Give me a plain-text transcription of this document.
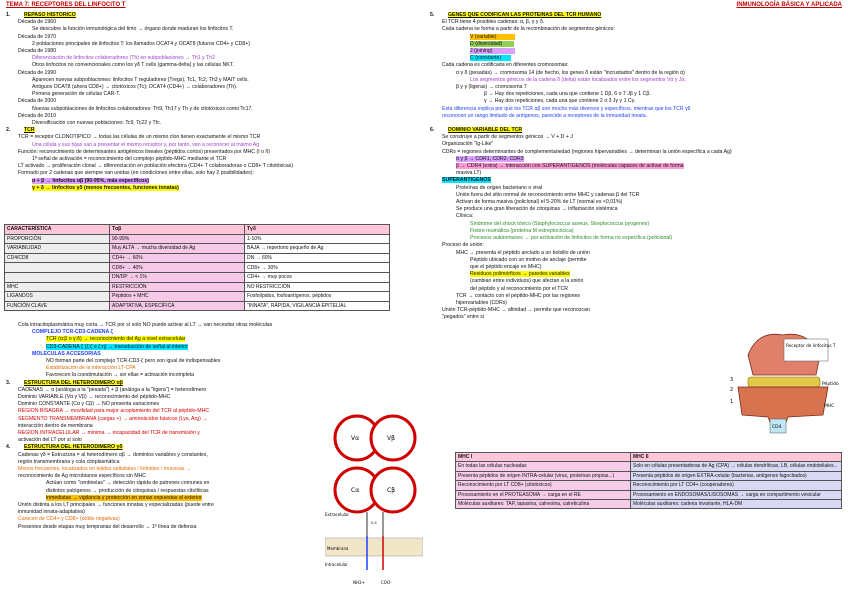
TEMA 7: RECEPTORES DEL LINFOCITO T	INMUNOLOGÍA BÁSICA Y APLICADA
1.	REPASO HISTÓRICO
Década de 1960
Se descubre la función inmunológica del timo → órgano donde maduran los linfocitos T.
Década de 1970
2 poblaciones principales de linfocitos T: los llamados OCAT4 y OCAT8 (futuros CD4+ y CD8+)
Década de 1980
Diferenciación de linfocitos colaboradores (Th) en subpoblaciones → Th1 y Th2
Otros linfocitos no convencionales como los γδ T cells (gamma-delta) y las células NKT.
Década de 1990
Aparecen nuevas subpoblaciones: linfocitos T reguladores (Tregs), Tc1, Tc2, Th3 y MAIT cells.
Antiguos OCAT8 (ahora CD8+) → citotóxicos (Tc); OCAT4 (CD4+) → colaboradores (Th).
Primera generación de células CAR-T.
Década de 2000
Nuevas subpoblaciones de linfocitos colaboradores: Th9, Th17 y Th y de citotóxicos como Tc17.
Década de 2010
Diversificación con nuevas poblaciones: Tc9, Tc22 y Tfc.
2.	TCR
TCR = receptor CLONOTÍPICO → todas las células de un mismo clon tienen exactamente el mismo TCR
Una célula y sus hijas van a presentar el mismo receptor y, por tanto, van a reconocer al mismo Ag
Función: reconocimiento de determinantes antigénicos lineales (péptidos cortos) presentados por MHC (I o II)
1ª señal de activación = reconocimiento del complejo péptido-MHC mediante el TCR
LT activado → proliferación clonal → diferenciación en población efectora (CD4+ T colaboradoras o CD8+ T citotóxicas)
Formado por 2 cadenas que siempre van unidas (en condiciones entre ellas, solo hay 2 posibilidades):
α + β → linfocitos αβ (90-95%, más específicos)
γ + δ → linfocitos γδ (menos frecuentes, funciones innatas)
CARACTERÍSTICA	Tαβ	Tγδ
PROPORCIÓN	90-99%	1-10%
VARIABILIDAD	Muy ALTA → mucha diversidad de Ag	BAJA → repertorio pequeño de Ag
CD4/CD8	CD4+ → 60%	DN → 60%
	CD8+ → 40%	CD8+ → 30%
	DN/DP → < 1%	CD4+ → muy pocos
MHC	RESTRICCIÓN	NO RESTRICCIÓN
LIGANDOS	Péptidos + MHC	Fosfolípidos, fosfoantígenos, péptidos
FUNCIÓN CLAVE	ADAPTATIVA, ESPECÍFICA	"INNATA", RÁPIDA, VIGILANCIA EPITELIAL
Cola intracitoplasmática muy corta → TCR por sí solo NO puede activar al LT → van necesitar otras moléculas
COMPLEJO TCR-CD3-CADENA ζ
TCR (α:β o γ:δ) → reconocimiento del Ag a nivel extracelular
CD3-CADENA ζ (ζ:ζ o ζ:η) → transducción de señal al interior
MOLÉCULAS ACCESORIAS
NO forman parte del complejo TCR-CD3-ζ pero son igual de indispensables
Estabilización de la interacción LT-CPA
Favorecen la coestimulación → sin ellas = activación incompleta
3.	ESTRUCTURA DEL HETERODÍMERO αβ
CADENAS → α (análoga a la "pesada") + β (análoga a la "ligera") = heterodímero
Dominio VARIABLE (Vα y Vβ) → reconocimiento del péptido-MHC
Dominio CONSTANTE (Cα y Cβ) → NO presenta variaciones
REGIÓN BISAGRA → movilidad para mejor acoplamiento del TCR al péptido-MHC
SEGMENTO TRANSMEMBRANA (cargas +) → aminoácidos básicos (Lys, Arg) →
interacción dentro de membrana
REGIÓN INTRACELULAR → mínima → incapacidad del TCR de transmisión y
activación del LT por sí solo
4.	ESTRUCTURA DEL HETERODÍMERO γδ
Cadenas γδ = Estructura = al heterodímero αβ → dominios variables y constantes,
región transmembrana y cola citoplasmática
Menos frecuentes, localizados en tejidos epiteliales / linfoides / mucosas →
reconocimiento de Ag microbianos específicos sin MHC
Actúan como "centinelas" → detección rápida de patrones comunes en
distintos patógenos → producción de citoquinas / respuestas citolíticas
inmediatas → vigilancia y protección en zonas expuestas al exterior
Unión distinta a los LT principales → funciones innatas y especializadas (puede entre
inmunidad innata-adaptativa)
Carecen de CD4+ y CD8+ (doble negativas)
Presentes desde etapas muy tempranas del desarrollo → 1ª línea de defensa
Vα	Vβ
Cα	Cβ
Extracelular
S-S
Membrana
Intracelular
NH3+	COO-
5.	GENES QUE CODIFICAN LAS PROTEÍNAS DEL TCR HUMANO
El TCR tiene 4 posibles cadenas: α, β, γ y δ.
Cada cadena se forma a partir de la recombinación de segmentos génicos:
V (variable)
D (diversidad)
J (joining)
C (constante)
Cada cadena es codificada en diferentes cromosomas:
α y δ (pesadas) → cromosoma 14 (de hecho, los genes δ están "incrustados" dentro de la región α)
Los segmentos génicos de la cadena δ (delta) están localizados entre los segmentos Vα y Jα.
β y γ (ligeras) → cromosoma 7
β → Hay dos repeticiones, cada una que contiene 1 Dβ, 6 o 7 Jβ y 1 Cβ.
γ → Hay dos repeticiones, cada una que contiene 2 o 3 Jγ y 1 Cγ.
Esta diferencia explica por qué los TCR αβ son mucho más diversos y específicos, mientras que los TCR γδ
reconocen un rango limitado de antígenos, parecido a receptores de la inmunidad innata.
6.	DOMINIO VARIABLE DEL TCR
Se construye a partir de segmentos génicos → V + D + J
Organización "Ig-Like"
CDRs = regiones determinantes de complementariedad (regiones hipervariables → determinan la unión específica a cada Ag)
α y β → CDR1, CDR2, CDR3
β → CDR4 (extra) → interacción con SUPERANTÍGENOS (moléculas capaces de activar de forma
masiva LT)
SUPERANTÍGENOS
Proteínas de origen bacteriano o viral
Unión fuera del sitio normal de reconocimiento entre MHC y cadenas β del TCR
Activan de forma masiva (policlonal) el 5-20% de LT (normal es <0,01%)
Se produce una gran liberación de citoquinas → inflamación sistémica
Clínica:
Síndrome del shock tóxico (Staphylococcus aureus, Streptococcus pyogenes)
Fiebre reumática (proteína M estreptocócica)
Procesos autoinmunes → por activación de linfocitos de forma no específica (policlonal)
Proceso de unión:
MHC → presenta el péptido anclado a un bolsillo de unión
Péptido ubicado con un motivo de anclaje (permite
que el péptido encaje en MHC)
Residuos polimórficos → paredes variables
(cambian entre individuos) que afectan a la unión
del péptido y al reconocimiento por el TCR
TCR → contacto con el péptido-MHC por las regiones
hipervariables (CDRs)
Unión TCR-péptido-MHC → afinidad → permite que reconozcan
"pegados" entre sí
Receptor de linfocitos T
Péptido
MHC
1
2
3
CD4
MHC I	MHC II
En todas las células nucleadas	Solo en células presentadoras de Ag (CPA) → células dendríticas, LB, células endoteliales...
Presenta péptidos de origen INTRA-celular (virus, proteínas propias...)	Presenta péptidos de origen EXTRA-celular (bacterias, antígenos fagocitados)
Reconocimiento por LT CD8+ (citotóxicos)	Reconocimiento por LT CD4+ (cooperadores)
Procesamiento en el PROTEASOMA → carga en el RE	Procesamiento en ENDOSOMAS/LISOSOMAS → carga en compartimento vesicular
Moléculas auxiliares: TAP, tapasina, calnexina, calreticulina	Moléculas auxiliares: cadena invariante, HLA-DM
